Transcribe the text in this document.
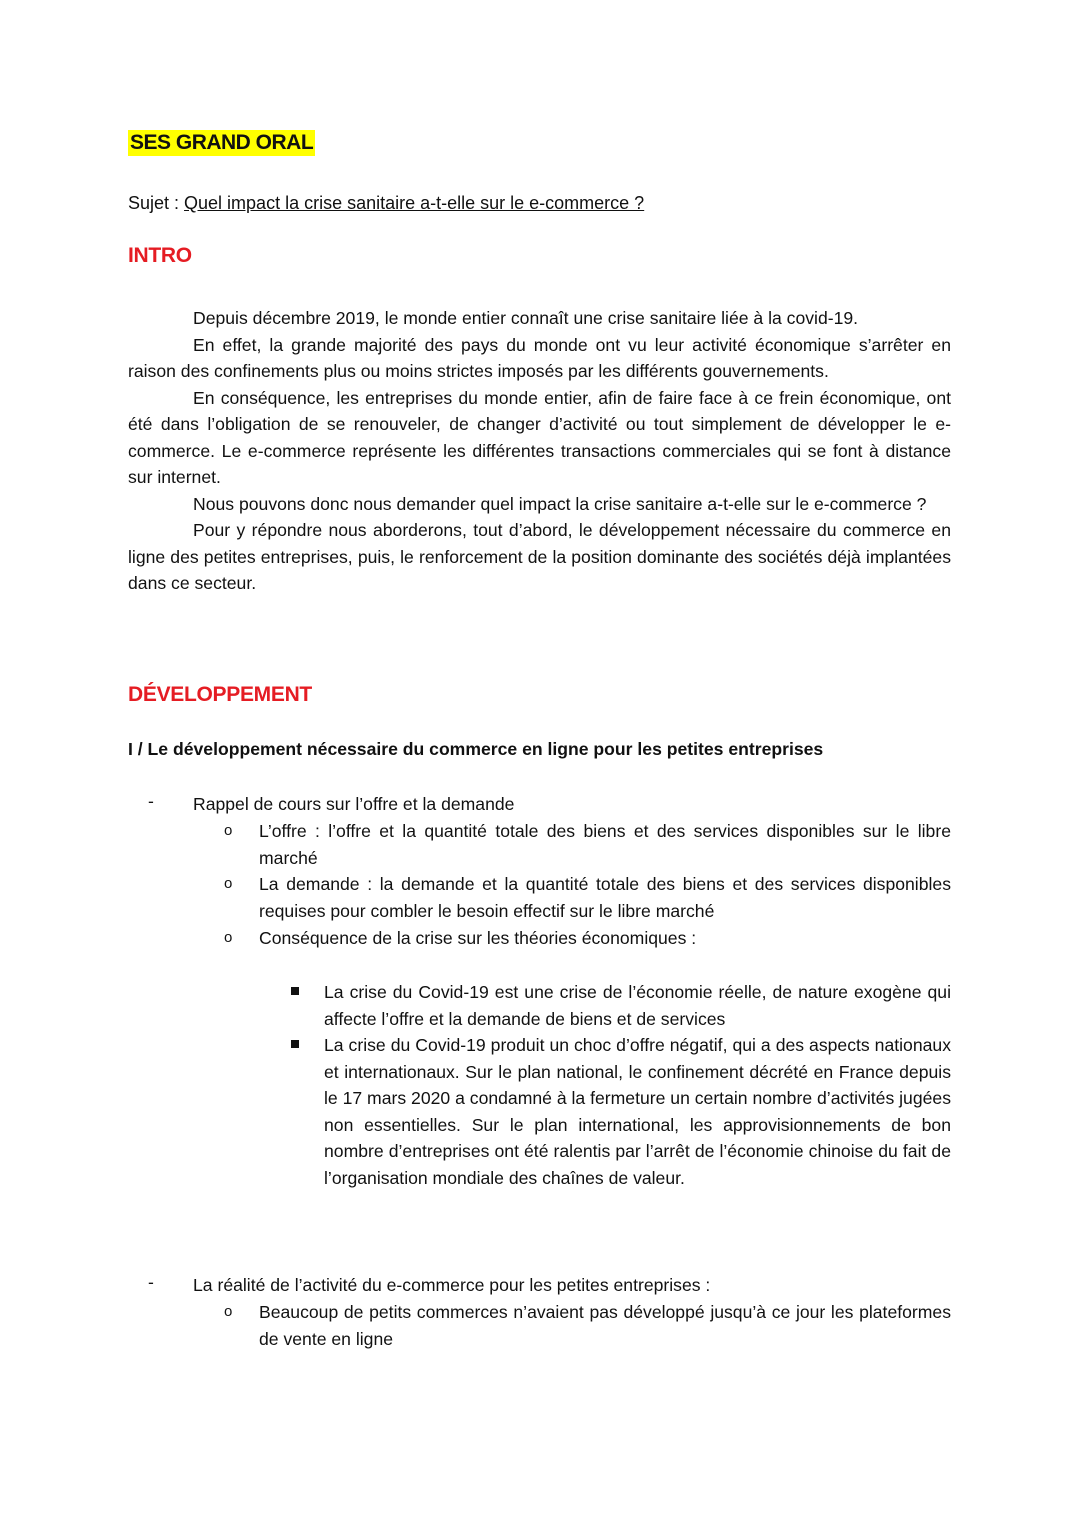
SES GRAND ORAL
Sujet : Quel impact la crise sanitaire a-t-elle sur le e-commerce ?
INTRO

Depuis décembre 2019, le monde entier connaît une crise sanitaire liée à la covid-19.

En effet, la grande majorité des pays du monde ont vu leur activité économique s’arrêter en raison des confinements plus ou moins strictes imposés par les différents gouvernements.

En conséquence, les entreprises du monde entier, afin de faire face à ce frein économique, ont été dans l’obligation de se renouveler, de changer d’activité ou tout simplement de développer le e-commerce. Le e-commerce représente les différentes transactions commerciales qui se font à distance sur internet.

Nous pouvons donc nous demander quel impact la crise sanitaire a-t-elle sur le e-commerce ?

Pour y répondre nous aborderons, tout d’abord, le développement nécessaire du commerce en ligne des petites entreprises, puis, le renforcement de la position dominante des sociétés déjà implantées dans ce secteur.

DÉVELOPPEMENT
I / Le développement nécessaire du commerce en ligne pour les petites entreprises
- Rappel de cours sur l’offre et la demande
o L’offre : l’offre et la quantité totale des biens et des services disponibles sur le libre marché
o La demande : la demande et la quantité totale des biens et des services disponibles requises pour combler le besoin effectif sur le libre marché
o Conséquence de la crise sur les théories économiques :
La crise du Covid-19 est une crise de l’économie réelle, de nature exogène qui affecte l’offre et la demande de biens et de services
La crise du Covid-19 produit un choc d’offre négatif, qui a des aspects nationaux et internationaux. Sur le plan national, le confinement décrété en France depuis le 17 mars 2020 a condamné à la fermeture un certain nombre d’activités jugées non essentielles. Sur le plan international, les approvisionnements de bon nombre d’entreprises ont été ralentis par l’arrêt de l’économie chinoise du fait de l’organisation mondiale des chaînes de valeur.
- La réalité de l’activité du e-commerce pour les petites entreprises :
o Beaucoup de petits commerces n’avaient pas développé jusqu’à ce jour les plateformes de vente en ligne
